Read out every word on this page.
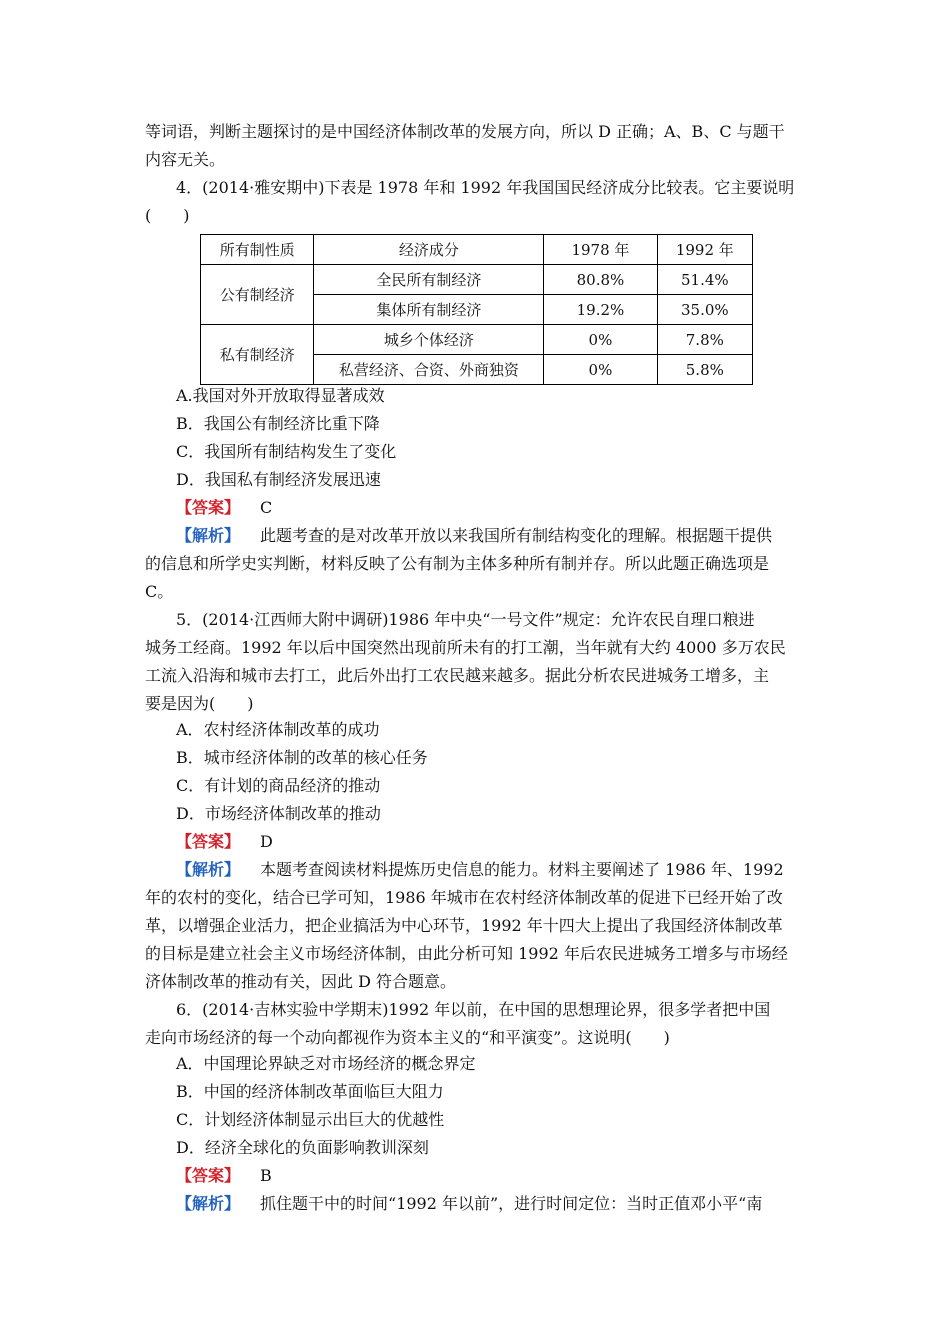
等词语，判断主题探讨的是中国经济体制改革的发展方向，所以 D 正确；A、B、C 与题干
内容无关。
4．(2014·雅安期中)下表是 1978 年和 1992 年我国国民经济成分比较表。它主要说明
(　　)
所有制性质	经济成分	1978 年	1992 年
公有制经济	全民所有制经济	80.8%	51.4%
	集体所有制经济	19.2%	35.0%
私有制经济	城乡个体经济	0%	7.8%
	私营经济、合资、外商独资	0%	5.8%
A.我国对外开放取得显著成效
B．我国公有制经济比重下降
C．我国所有制结构发生了变化
D．我国私有制经济发展迅速
【答案】 C
【解析】 此题考查的是对改革开放以来我国所有制结构变化的理解。根据题干提供
的信息和所学史实判断，材料反映了公有制为主体多种所有制并存。所以此题正确选项是
C。
5．(2014·江西师大附中调研)1986 年中央“一号文件”规定：允许农民自理口粮进
城务工经商。1992 年以后中国突然出现前所未有的打工潮，当年就有大约 4000 多万农民
工流入沿海和城市去打工，此后外出打工农民越来越多。据此分析农民进城务工增多，主
要是因为(　　)
A．农村经济体制改革的成功
B．城市经济体制的改革的核心任务
C．有计划的商品经济的推动
D．市场经济体制改革的推动
【答案】 D
【解析】 本题考查阅读材料提炼历史信息的能力。材料主要阐述了 1986 年、1992
年的农村的变化，结合已学可知，1986 年城市在农村经济体制改革的促进下已经开始了改
革，以增强企业活力，把企业搞活为中心环节，1992 年十四大上提出了我国经济体制改革
的目标是建立社会主义市场经济体制，由此分析可知 1992 年后农民进城务工增多与市场经
济体制改革的推动有关，因此 D 符合题意。
6．(2014·吉林实验中学期末)1992 年以前，在中国的思想理论界，很多学者把中国
走向市场经济的每一个动向都视作为资本主义的“和平演变”。这说明(　　)
A．中国理论界缺乏对市场经济的概念界定
B．中国的经济体制改革面临巨大阻力
C．计划经济体制显示出巨大的优越性
D．经济全球化的负面影响教训深刻
【答案】 B
【解析】 抓住题干中的时间“1992 年以前”，进行时间定位：当时正值邓小平“南
